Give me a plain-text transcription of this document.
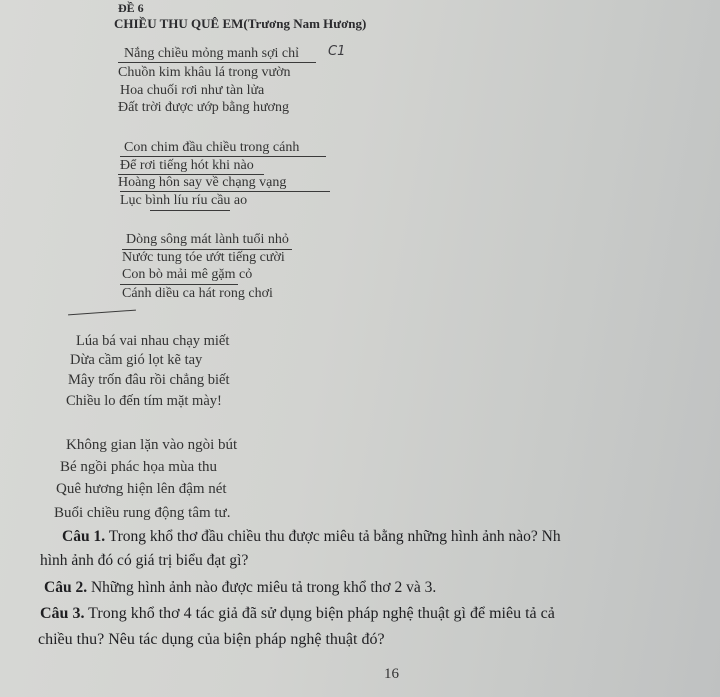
ĐỀ 6
CHIỀU THU QUÊ EM(Trương Nam Hương)
Nắng chiều mỏng manh sợi chỉ C1
Chuồn kim khâu lá trong vườn
Hoa chuối rơi như tàn lửa
Đất trời được ướp bằng hương
Con chim đầu chiều trong cánh
Để rơi tiếng hót khi nào
Hoàng hôn say về chạng vạng
Lục bình líu ríu cầu ao
Dòng sông mát lành tuổi nhỏ
Nước tung tóe ướt tiếng cười
Con bò mải mê gặm cỏ
Cánh diều ca hát rong chơi
Lúa bá vai nhau chạy miết
Dừa cầm gió lọt kẽ tay
Mây trốn đâu rồi chẳng biết
Chiều lo đến tím mặt mày!
Không gian lặn vào ngòi bút
Bé ngồi phác họa mùa thu
Quê hương hiện lên đậm nét
Buổi chiều rung động tâm tư.
Câu 1. Trong khổ thơ đầu chiều thu được miêu tả bằng những hình ảnh nào? Nh
hình ảnh đó có giá trị biểu đạt gì?
Câu 2. Những hình ảnh nào được miêu tả trong khổ thơ 2 và 3.
Câu 3. Trong khổ thơ 4 tác giả đã sử dụng biện pháp nghệ thuật gì để miêu tả cả
chiều thu? Nêu tác dụng của biện pháp nghệ thuật đó?
16
